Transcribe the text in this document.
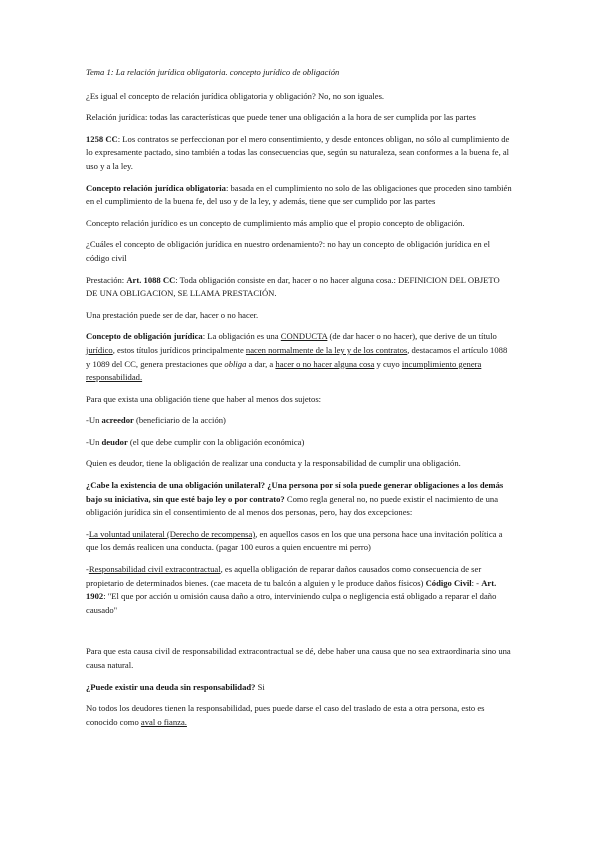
Tema 1: La relación jurídica obligatoria. concepto jurídico de obligación

¿Es igual el concepto de relación jurídica obligatoria y obligación? No, no son iguales.

Relación jurídica: todas las características que puede tener una obligación a la hora de ser cumplida por las partes

1258 CC: Los contratos se perfeccionan por el mero consentimiento, y desde entonces obligan, no sólo al cumplimiento de lo expresamente pactado, sino también a todas las consecuencias que, según su naturaleza, sean conformes a la buena fe, al uso y a la ley.

Concepto relación jurídica obligatoria: basada en el cumplimiento no solo de las obligaciones que proceden sino también en el cumplimiento de la buena fe, del uso y de la ley, y además, tiene que ser cumplido por las partes

Concepto relación jurídico es un concepto de cumplimiento más amplio que el propio concepto de obligación.

¿Cuáles el concepto de obligación jurídica en nuestro ordenamiento?: no hay un concepto de obligación jurídica en el código civil

Prestación: Art. 1088 CC: Toda obligación consiste en dar, hacer o no hacer alguna cosa.: DEFINICION DEL OBJETO DE UNA OBLIGACION, SE LLAMA PRESTACIÓN.

Una prestación puede ser de dar, hacer o no hacer.

Concepto de obligación jurídica: La obligación es una CONDUCTA (de dar hacer o no hacer), que derive de un título jurídico, estos títulos jurídicos principalmente nacen normalmente de la ley y de los contratos, destacamos el artículo 1088 y 1089 del CC, genera prestaciones que obliga a dar, a hacer o no hacer alguna cosa y cuyo incumplimiento genera responsabilidad.

Para que exista una obligación tiene que haber al menos dos sujetos:

-Un acreedor (beneficiario de la acción)

-Un deudor (el que debe cumplir con la obligación económica)

Quien es deudor, tiene la obligación de realizar una conducta y la responsabilidad de cumplir una obligación.

¿Cabe la existencia de una obligación unilateral? ¿Una persona por sí sola puede generar obligaciones a los demás bajo su iniciativa, sin que esté bajo ley o por contrato? Como regla general no, no puede existir el nacimiento de una obligación jurídica sin el consentimiento de al menos dos personas, pero, hay dos excepciones:

-La voluntad unilateral (Derecho de recompensa), en aquellos casos en los que una persona hace una invitación política a que los demás realicen una conducta. (pagar 100 euros a quien encuentre mi perro)

-Responsabilidad civil extracontractual, es aquella obligación de reparar daños causados como consecuencia de ser propietario de determinados bienes. (cae maceta de tu balcón a alguien y le produce daños físicos) Código Civil: - Art. 1902: "El que por acción u omisión causa daño a otro, interviniendo culpa o negligencia está obligado a reparar el daño causado"

Para que esta causa civil de responsabilidad extracontractual se dé, debe haber una causa que no sea extraordinaria sino una causa natural.

¿Puede existir una deuda sin responsabilidad? Si

No todos los deudores tienen la responsabilidad, pues puede darse el caso del traslado de esta a otra persona, esto es conocido como aval o fianza.
